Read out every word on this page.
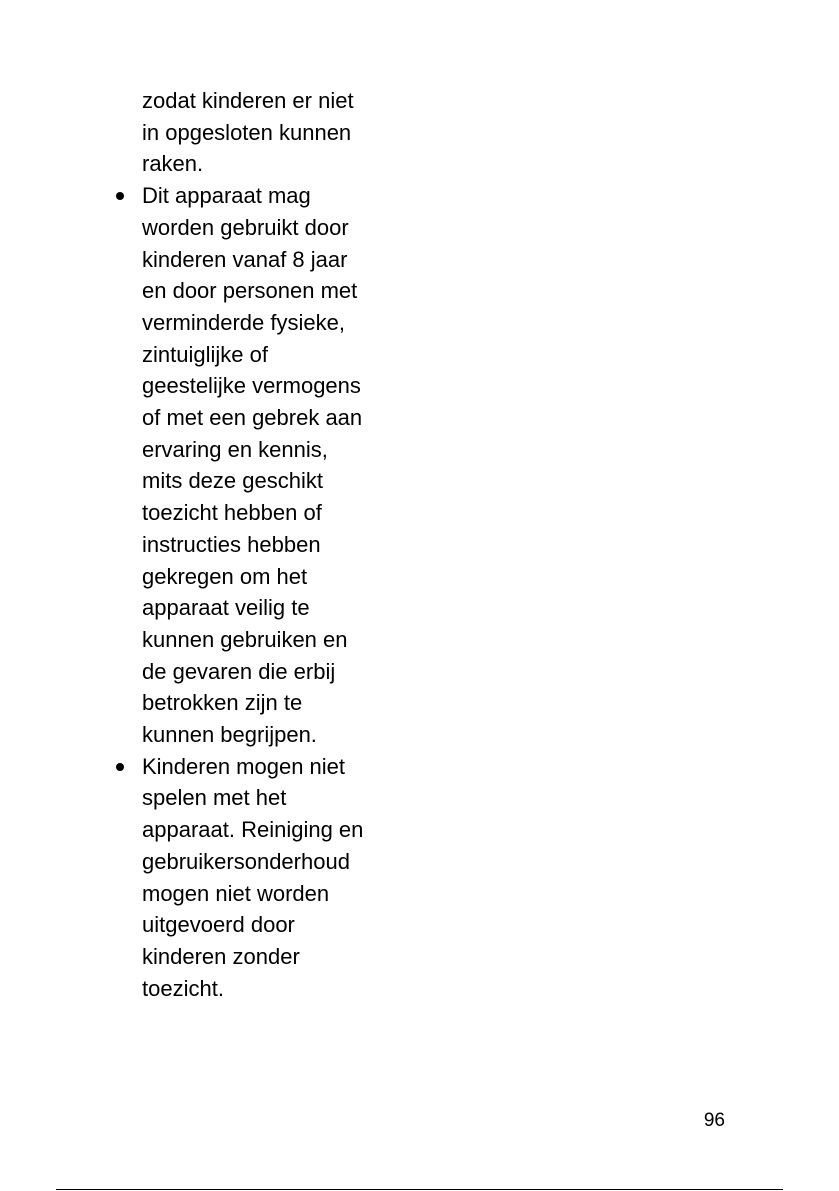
zodat kinderen er niet
in opgesloten kunnen
raken.
Dit apparaat mag
worden gebruikt door
kinderen vanaf 8 jaar
en door personen met
verminderde fysieke,
zintuiglijke of
geestelijke vermogens
of met een gebrek aan
ervaring en kennis,
mits deze geschikt
toezicht hebben of
instructies hebben
gekregen om het
apparaat veilig te
kunnen gebruiken en
de gevaren die erbij
betrokken zijn te
kunnen begrijpen.
Kinderen mogen niet
spelen met het
apparaat. Reiniging en
gebruikersonderhoud
mogen niet worden
uitgevoerd door
kinderen zonder
toezicht.
96
